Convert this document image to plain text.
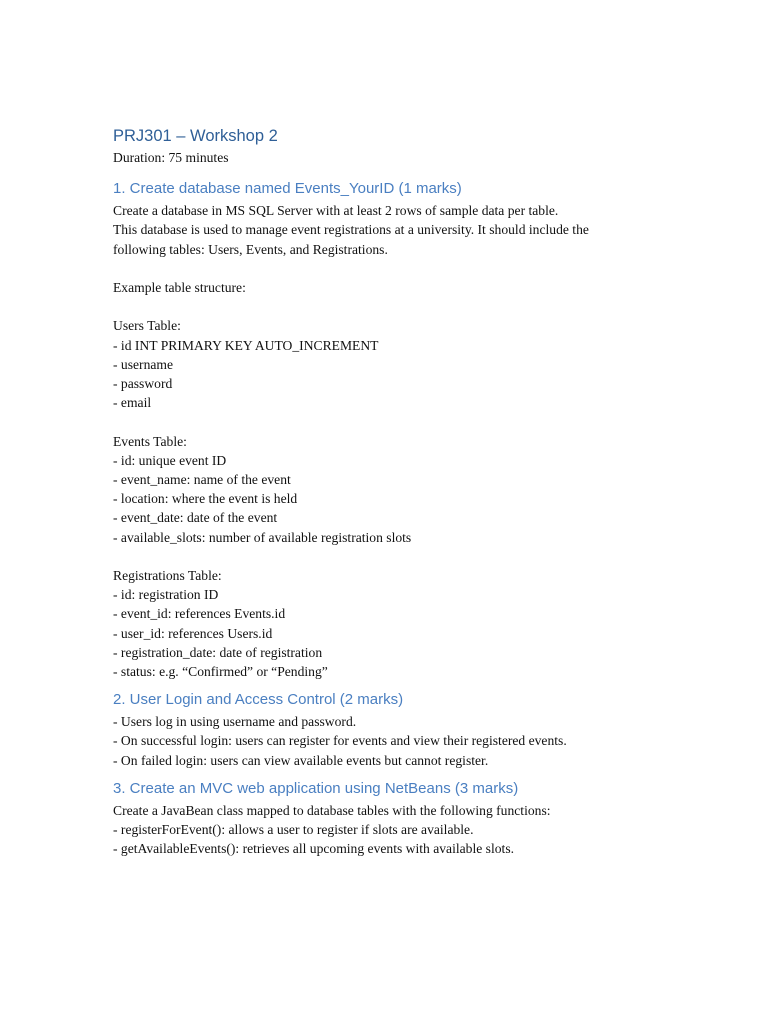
PRJ301 – Workshop 2

Duration: 75 minutes

1. Create database named Events_YourID (1 marks)

Create a database in MS SQL Server with at least 2 rows of sample data per table.

This database is used to manage event registrations at a university. It should include the

following tables: Users, Events, and Registrations.

Example table structure:

Users Table:

- id INT PRIMARY KEY AUTO_INCREMENT

- username

- password

- email

Events Table:

- id: unique event ID

- event_name: name of the event

- location: where the event is held

- event_date: date of the event

- available_slots: number of available registration slots

Registrations Table:

- id: registration ID

- event_id: references Events.id

- user_id: references Users.id

- registration_date: date of registration

- status: e.g. “Confirmed” or “Pending”

2. User Login and Access Control (2 marks)

- Users log in using username and password.

- On successful login: users can register for events and view their registered events.

- On failed login: users can view available events but cannot register.

3. Create an MVC web application using NetBeans (3 marks)

Create a JavaBean class mapped to database tables with the following functions:

- registerForEvent(): allows a user to register if slots are available.

- getAvailableEvents(): retrieves all upcoming events with available slots.
